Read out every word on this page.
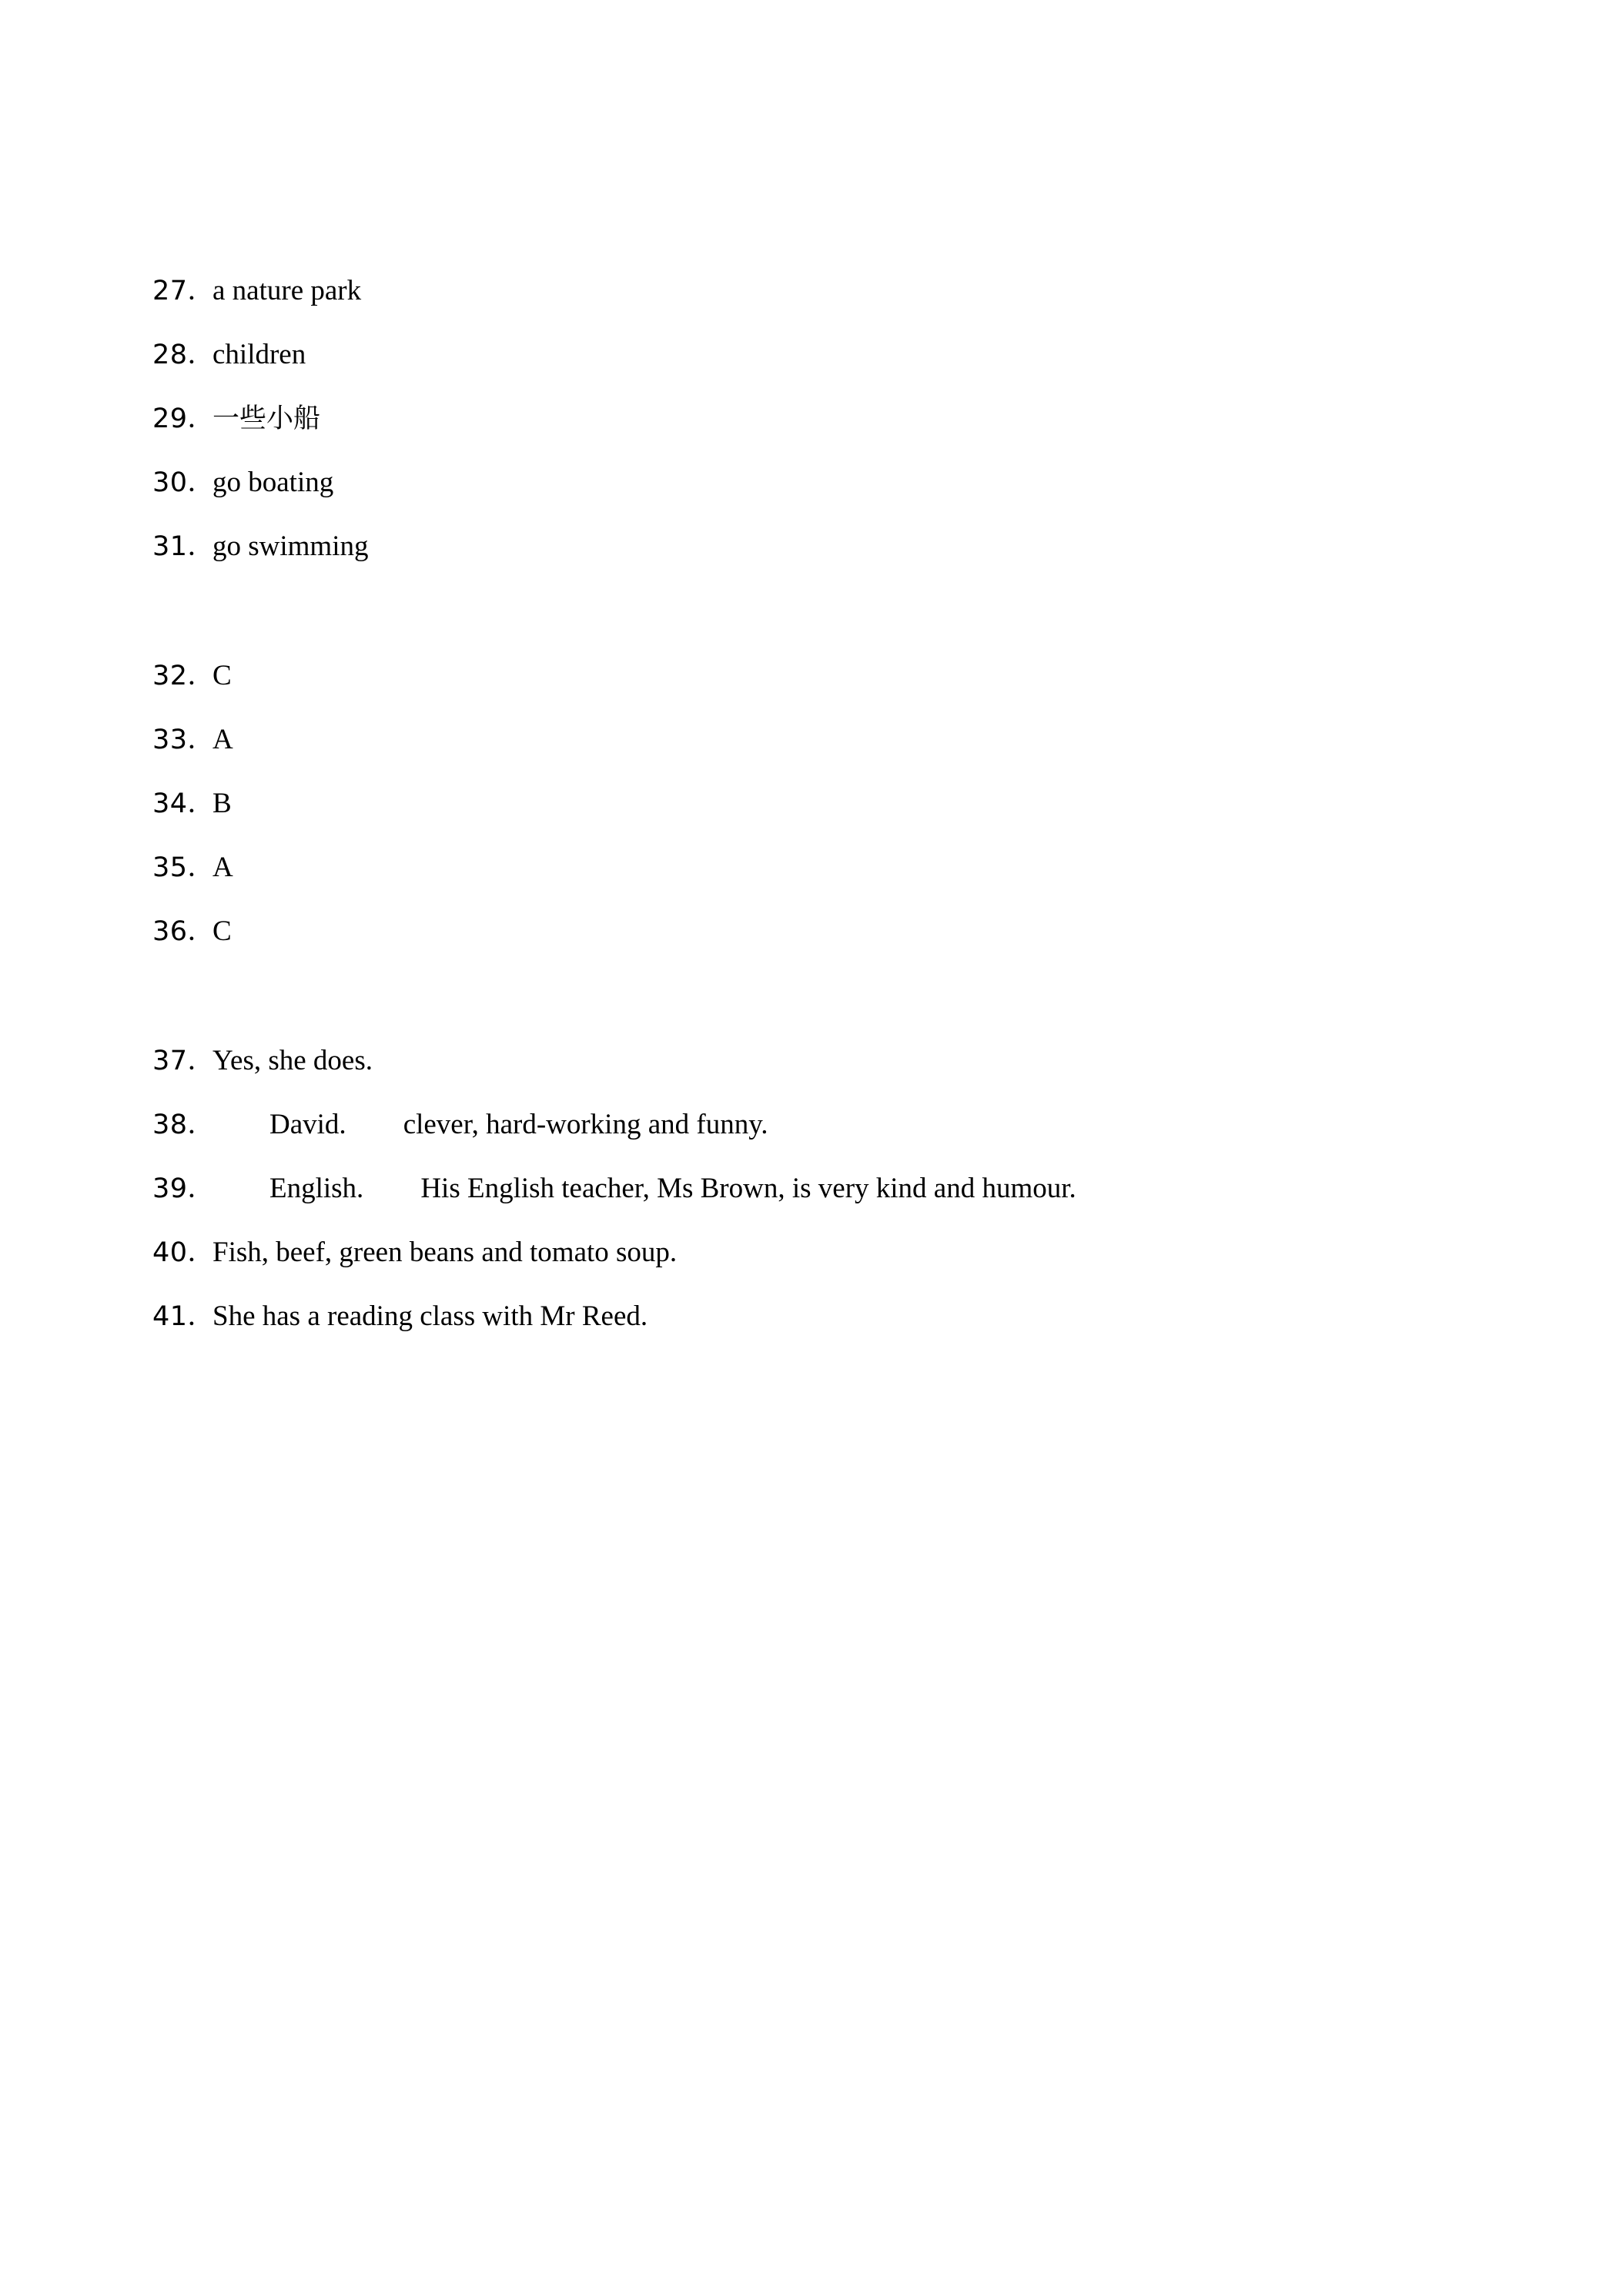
27 ． a nature park
28 ． children
29 ． 一些小船
30 ． go boating
31 ． go swimming
32 ． C
33 ． A
34 ． B
35 ． A
36 ． C
37 ． Yes, she does.
38 ．	David. clever, hard-working and funny.
39 ．	English. His English teacher, Ms Brown, is very kind and humour.
40 ． Fish, beef, green beans and tomato soup.
41 ． She has a reading class with Mr Reed.
